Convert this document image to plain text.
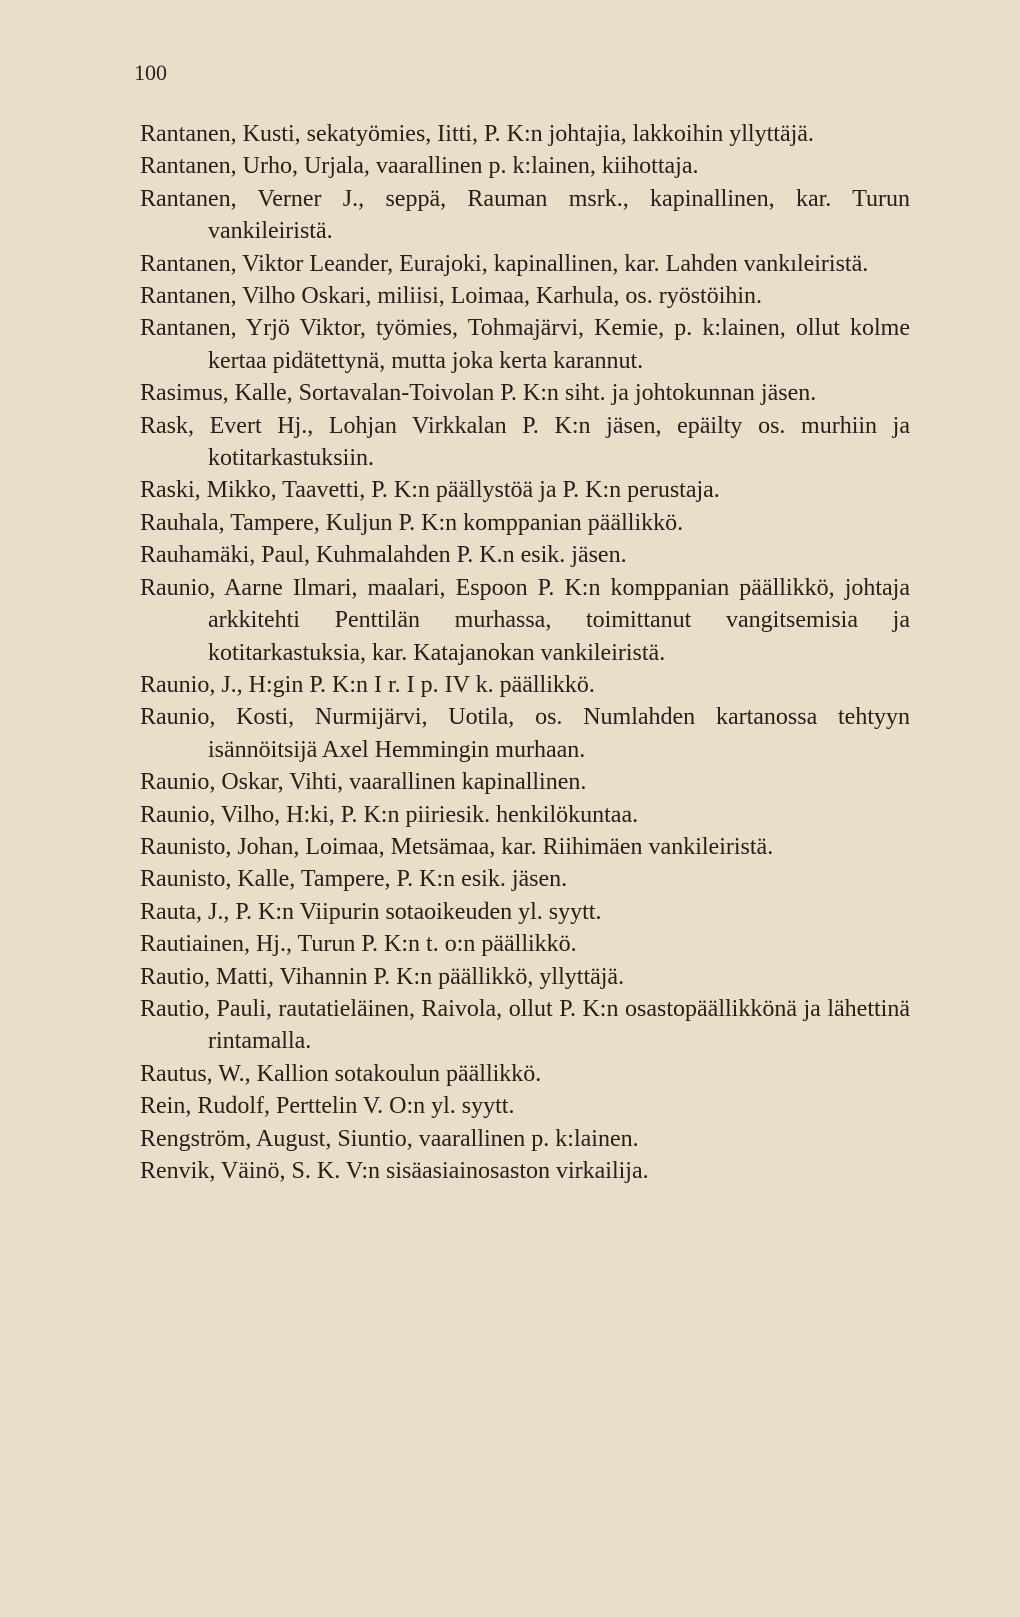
100

Rantanen, Kusti, sekatyömies, Iitti, P. K:n johtajia, lakkoihin yllyttäjä.
Rantanen, Urho, Urjala, vaarallinen p. k:lainen, kiihottaja.
Rantanen, Verner J., seppä, Rauman msrk., kapinallinen, kar. Turun vankileiristä.
Rantanen, Viktor Leander, Eurajoki, kapinallinen, kar. Lahden vankıleiristä.
Rantanen, Vilho Oskari, miliisi, Loimaa, Karhula, os. ryöstöihin.
Rantanen, Yrjö Viktor, työmies, Tohmajärvi, Kemie, p. k:lainen, ollut kolme kertaa pidätettynä, mutta joka kerta karannut.
Rasimus, Kalle, Sortavalan-Toivolan P. K:n siht. ja johtokunnan jäsen.
Rask, Evert Hj., Lohjan Virkkalan P. K:n jäsen, epäilty os. murhiin ja kotitarkastuksiin.
Raski, Mikko, Taavetti, P. K:n päällystöä ja P. K:n perustaja.
Rauhala, Tampere, Kuljun P. K:n komppanian päällikkö.
Rauhamäki, Paul, Kuhmalahden P. K.n esik. jäsen.
Raunio, Aarne Ilmari, maalari, Espoon P. K:n komppanian päällikkö, johtaja arkkitehti Penttilän murhassa, toimittanut vangitsemisia ja kotitarkastuksia, kar. Katajanokan vankileiristä.
Raunio, J., H:gin P. K:n I r. I p. IV k. päällikkö.
Raunio, Kosti, Nurmijärvi, Uotila, os. Numlahden kartanossa tehtyyn isännöitsijä Axel Hemmingin murhaan.
Raunio, Oskar, Vihti, vaarallinen kapinallinen.
Raunio, Vilho, H:ki, P. K:n piiriesik. henkilökuntaa.
Raunisto, Johan, Loimaa, Metsämaa, kar. Riihimäen vankileiristä.
Raunisto, Kalle, Tampere, P. K:n esik. jäsen.
Rauta, J., P. K:n Viipurin sotaoikeuden yl. syytt.
Rautiainen, Hj., Turun P. K:n t. o:n päällikkö.
Rautio, Matti, Vihannin P. K:n päällikkö, yllyttäjä.
Rautio, Pauli, rautatieläinen, Raivola, ollut P. K:n osastopäällikkönä ja lähettinä rintamalla.
Rautus, W., Kallion sotakoulun päällikkö.
Rein, Rudolf, Perttelin V. O:n yl. syytt.
Rengström, August, Siuntio, vaarallinen p. k:lainen.
Renvik, Väinö, S. K. V:n sisäasiainosaston virkailija.
